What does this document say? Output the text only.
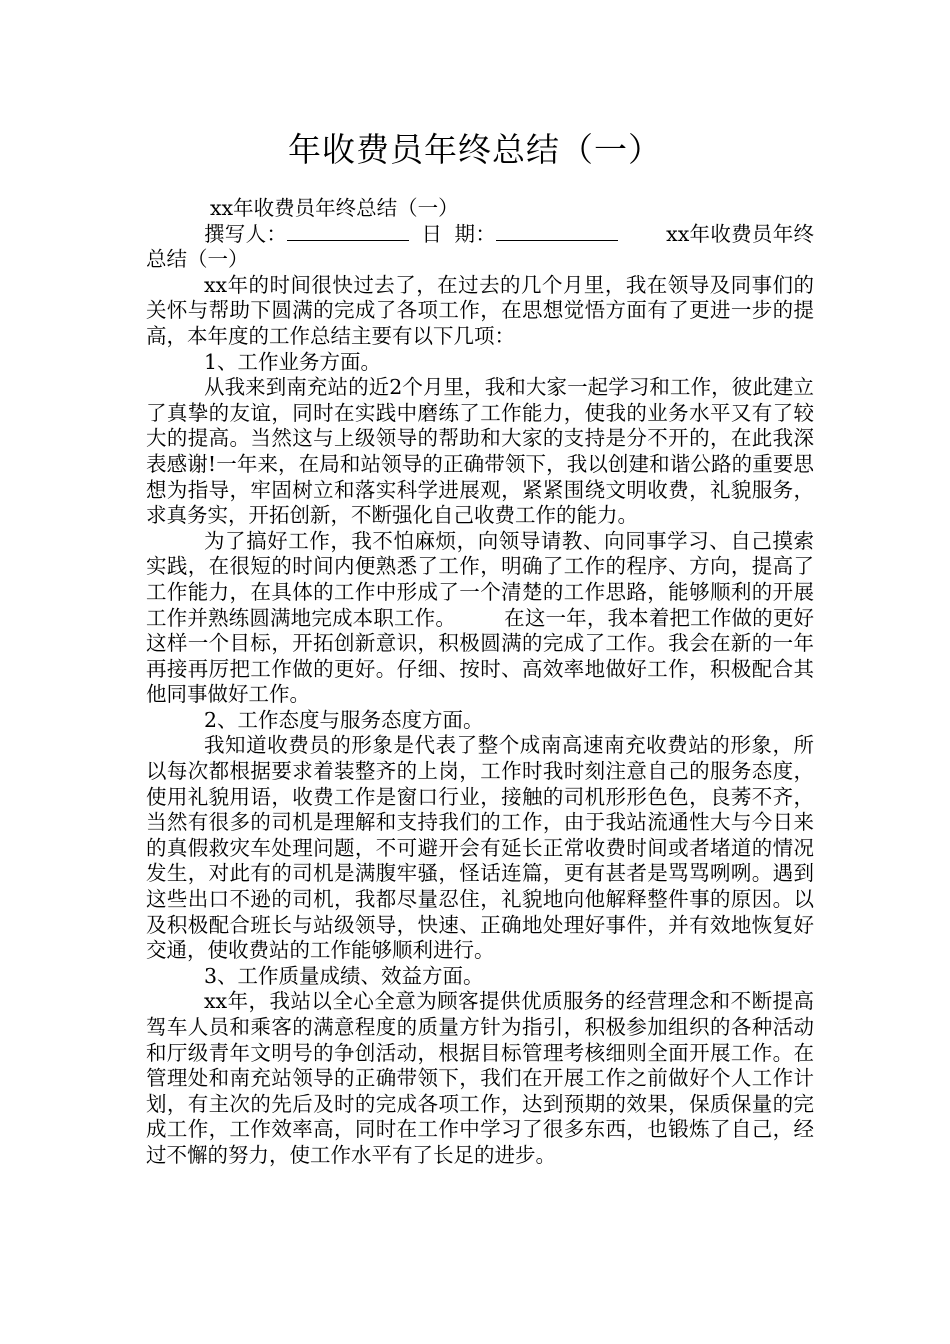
年收费员年终总结（一）

xx年收费员年终总结（一）

撰写人：	日 期：	xx年收费员年终总结（一）

xx年的时间很快过去了，在过去的几个月里，我在领导及同事们的关怀与帮助下圆满的完成了各项工作，在思想觉悟方面有了更进一步的提高，本年度的工作总结主要有以下几项：

1、工作业务方面。

从我来到南充站的近2个月里，我和大家一起学习和工作，彼此建立了真挚的友谊，同时在实践中磨练了工作能力，使我的业务水平又有了较大的提高。当然这与上级领导的帮助和大家的支持是分不开的，在此我深表感谢!一年来，在局和站领导的正确带领下，我以创建和谐公路的重要思想为指导，牢固树立和落实科学进展观，紧紧围绕文明收费，礼貌服务，求真务实，开拓创新，不断强化自己收费工作的能力。

为了搞好工作，我不怕麻烦，向领导请教、向同事学习、自己摸索实践，在很短的时间内便熟悉了工作，明确了工作的程序、方向，提高了工作能力，在具体的工作中形成了一个清楚的工作思路，能够顺利的开展工作并熟练圆满地完成本职工作。 在这一年，我本着把工作做的更好这样一个目标，开拓创新意识，积极圆满的完成了工作。我会在新的一年再接再厉把工作做的更好。仔细、按时、高效率地做好工作，积极配合其他同事做好工作。

2、工作态度与服务态度方面。

我知道收费员的形象是代表了整个成南高速南充收费站的形象，所以每次都根据要求着装整齐的上岗，工作时我时刻注意自己的服务态度，使用礼貌用语，收费工作是窗口行业，接触的司机形形色色，良莠不齐，当然有很多的司机是理解和支持我们的工作，由于我站流通性大与今日来的真假救灾车处理问题，不可避开会有延长正常收费时间或者堵道的情况发生，对此有的司机是满腹牢骚，怪话连篇，更有甚者是骂骂咧咧。遇到这些出口不逊的司机，我都尽量忍住，礼貌地向他解释整件事的原因。以及积极配合班长与站级领导，快速、正确地处理好事件，并有效地恢复好交通，使收费站的工作能够顺利进行。

3、工作质量成绩、效益方面。

xx年，我站以全心全意为顾客提供优质服务的经营理念和不断提高驾车人员和乘客的满意程度的质量方针为指引，积极参加组织的各种活动和厅级青年文明号的争创活动，根据目标管理考核细则全面开展工作。在管理处和南充站领导的正确带领下，我们在开展工作之前做好个人工作计划，有主次的先后及时的完成各项工作，达到预期的效果，保质保量的完成工作，工作效率高，同时在工作中学习了很多东西，也锻炼了自己，经过不懈的努力，使工作水平有了长足的进步。
